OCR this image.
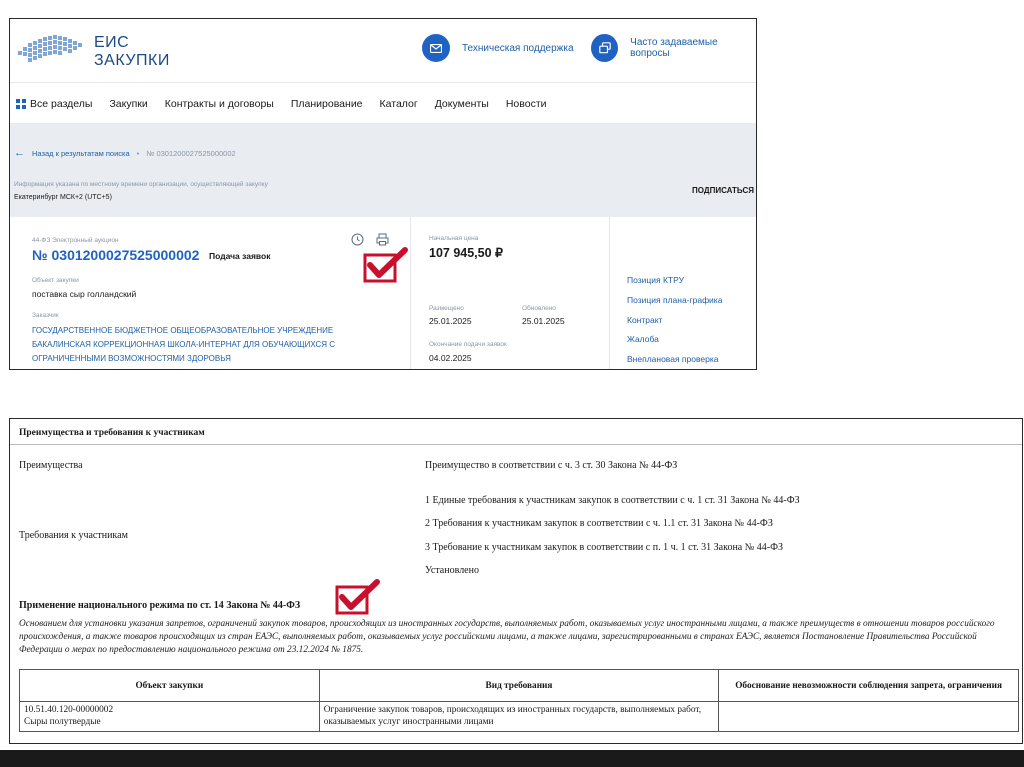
ЕИС
ЗАКУПКИ
Техническая поддержка	Часто задаваемые вопросы
Все разделы Закупки Контракты и договоры Планирование Каталог Документы Новости
← Назад к результатам поиска • № 0301200027525000002
Информация указана по местному времени организации, осуществляющей закупку
Екатеринбург МСК+2 (UTC+5)
ПОДПИСАТЬСЯ
44-ФЗ Электронный аукцион
№ 0301200027525000002 Подача заявок
Объект закупки
поставка сыр голландский
Заказчик
ГОСУДАРСТВЕННОЕ БЮДЖЕТНОЕ ОБЩЕОБРАЗОВАТЕЛЬНОЕ УЧРЕЖДЕНИЕ БАКАЛИНСКАЯ КОРРЕКЦИОННАЯ ШКОЛА-ИНТЕРНАТ ДЛЯ ОБУЧАЮЩИХСЯ С ОГРАНИЧЕННЫМИ ВОЗМОЖНОСТЯМИ ЗДОРОВЬЯ
Начальная цена
107 945,50 ₽
Размещено
25.01.2025
Обновлено
25.01.2025
Окончание подачи заявок
04.02.2025
Позиция КТРУ
Позиция плана-графика
Контракт
Жалоба
Внеплановая проверка
Преимущества и требования к участникам
Преимущества	Преимущество в соответствии с ч. 3 ст. 30 Закона № 44-ФЗ
Требования к участникам
1 Единые требования к участникам закупок в соответствии с ч. 1 ст. 31 Закона № 44-ФЗ
2 Требования к участникам закупок в соответствии с ч. 1.1 ст. 31 Закона № 44-ФЗ
3 Требование к участникам закупок в соответствии с п. 1 ч. 1 ст. 31 Закона № 44-ФЗ
Установлено
Применение национального режима по ст. 14 Закона № 44-ФЗ
Основанием для установки указания запретов, ограничений закупок товаров, происходящих из иностранных государств, выполняемых работ, оказываемых услуг иностранными лицами, а также преимуществ в отношении товаров российского происхождения, а также товаров происходящих из стран ЕАЭС, выполняемых работ, оказываемых услуг российскими лицами, а также лицами, зарегистрированными в странах ЕАЭС, является Постановление Правительства Российской Федерации о мерах по предоставлению национального режима от 23.12.2024 № 1875.
Объект закупки	Вид требования	Обоснование невозможности соблюдения запрета, ограничения

10.51.40.120-00000002
Сыры полутвердые	Ограничение закупок товаров, происходящих из иностранных государств, выполняемых работ, оказываемых услуг иностранными лицами	
